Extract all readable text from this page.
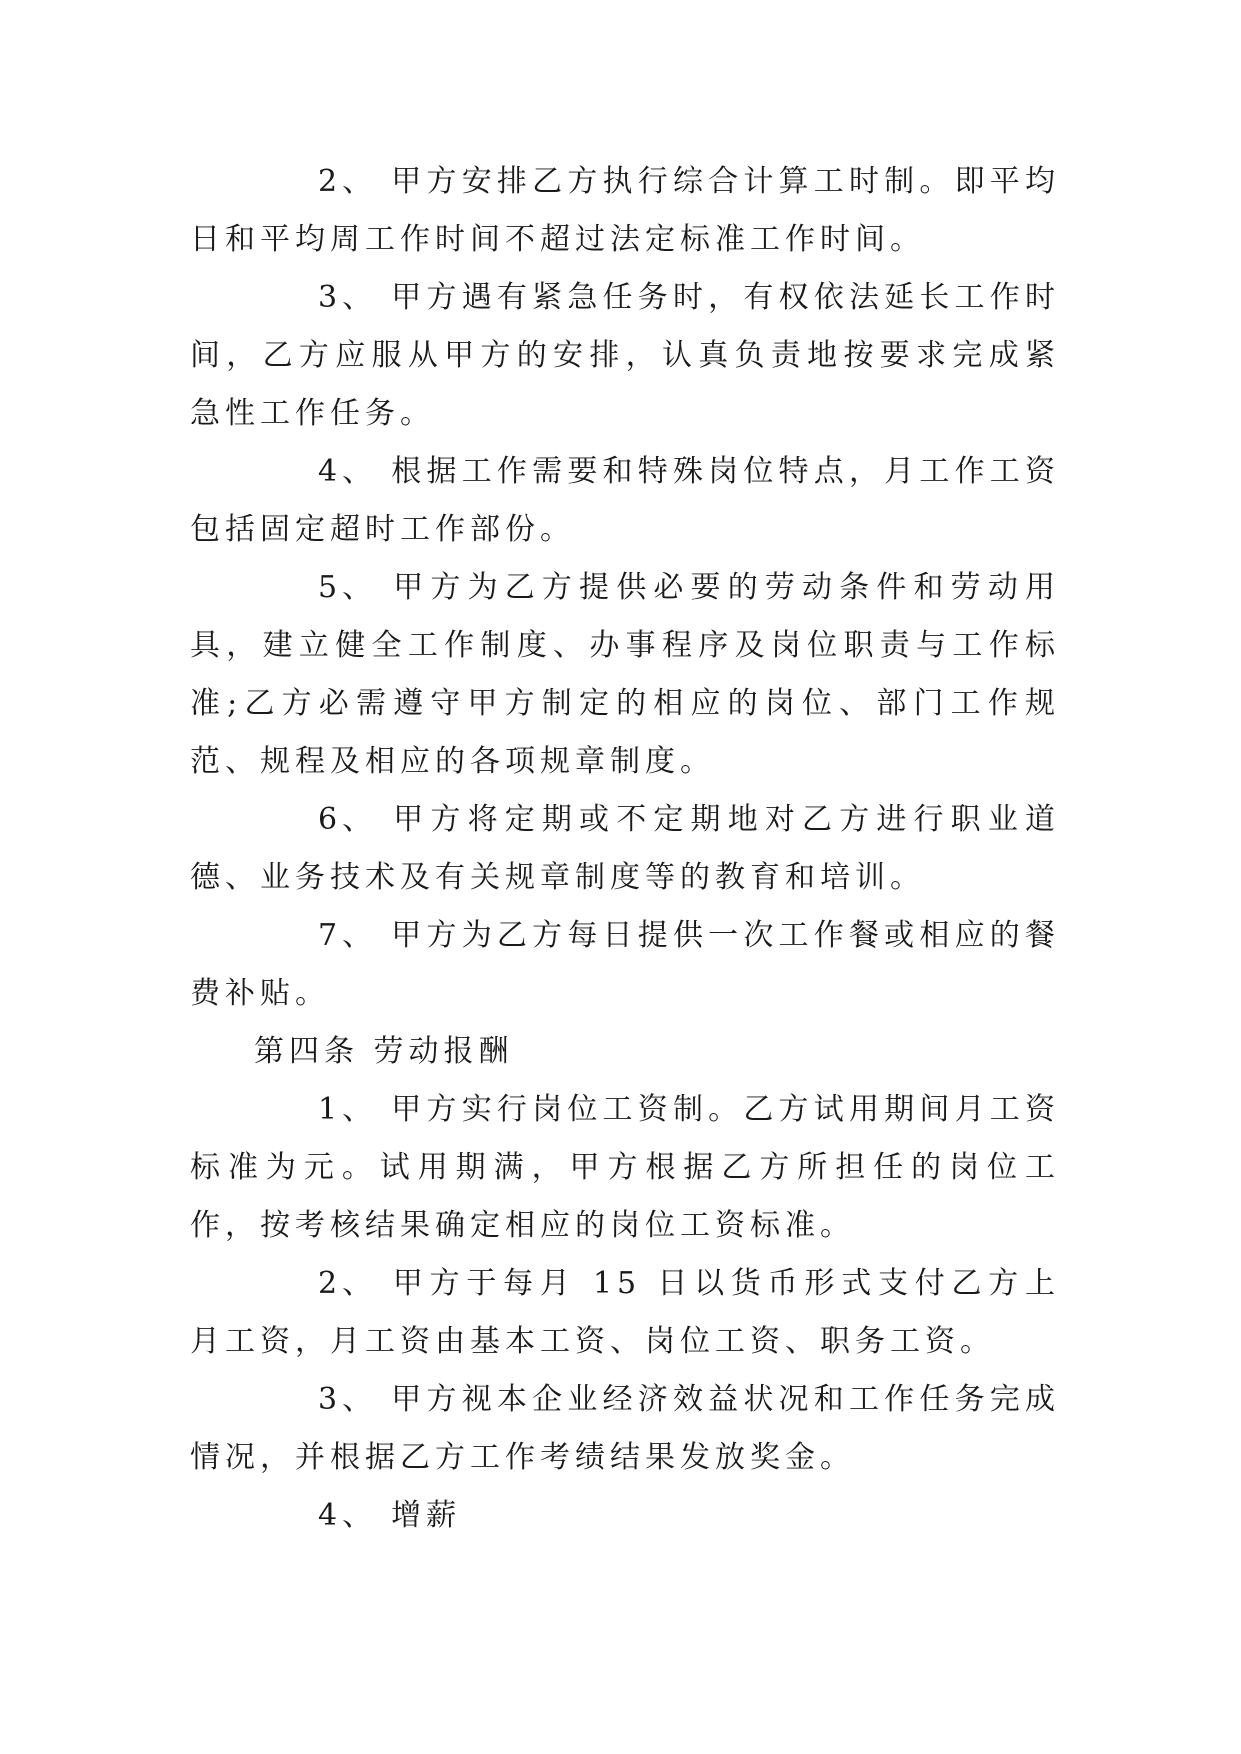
2、 甲方安排乙方执行综合计算工时制。即平均日和平均周工作时间不超过法定标准工作时间。

3、 甲方遇有紧急任务时，有权依法延长工作时间，乙方应服从甲方的安排，认真负责地按要求完成紧急性工作任务。

4、 根据工作需要和特殊岗位特点，月工作工资包括固定超时工作部份。

5、 甲方为乙方提供必要的劳动条件和劳动用具，建立健全工作制度、办事程序及岗位职责与工作标准;乙方必需遵守甲方制定的相应的岗位、部门工作规范、规程及相应的各项规章制度。

6、 甲方将定期或不定期地对乙方进行职业道德、业务技术及有关规章制度等的教育和培训。

7、 甲方为乙方每日提供一次工作餐或相应的餐费补贴。

第四条 劳动报酬

1、 甲方实行岗位工资制。乙方试用期间月工资标准为元。试用期满，甲方根据乙方所担任的岗位工作，按考核结果确定相应的岗位工资标准。

2、 甲方于每月 15 日以货币形式支付乙方上月工资，月工资由基本工资、岗位工资、职务工资。

3、 甲方视本企业经济效益状况和工作任务完成情况，并根据乙方工作考绩结果发放奖金。

4、 增薪
